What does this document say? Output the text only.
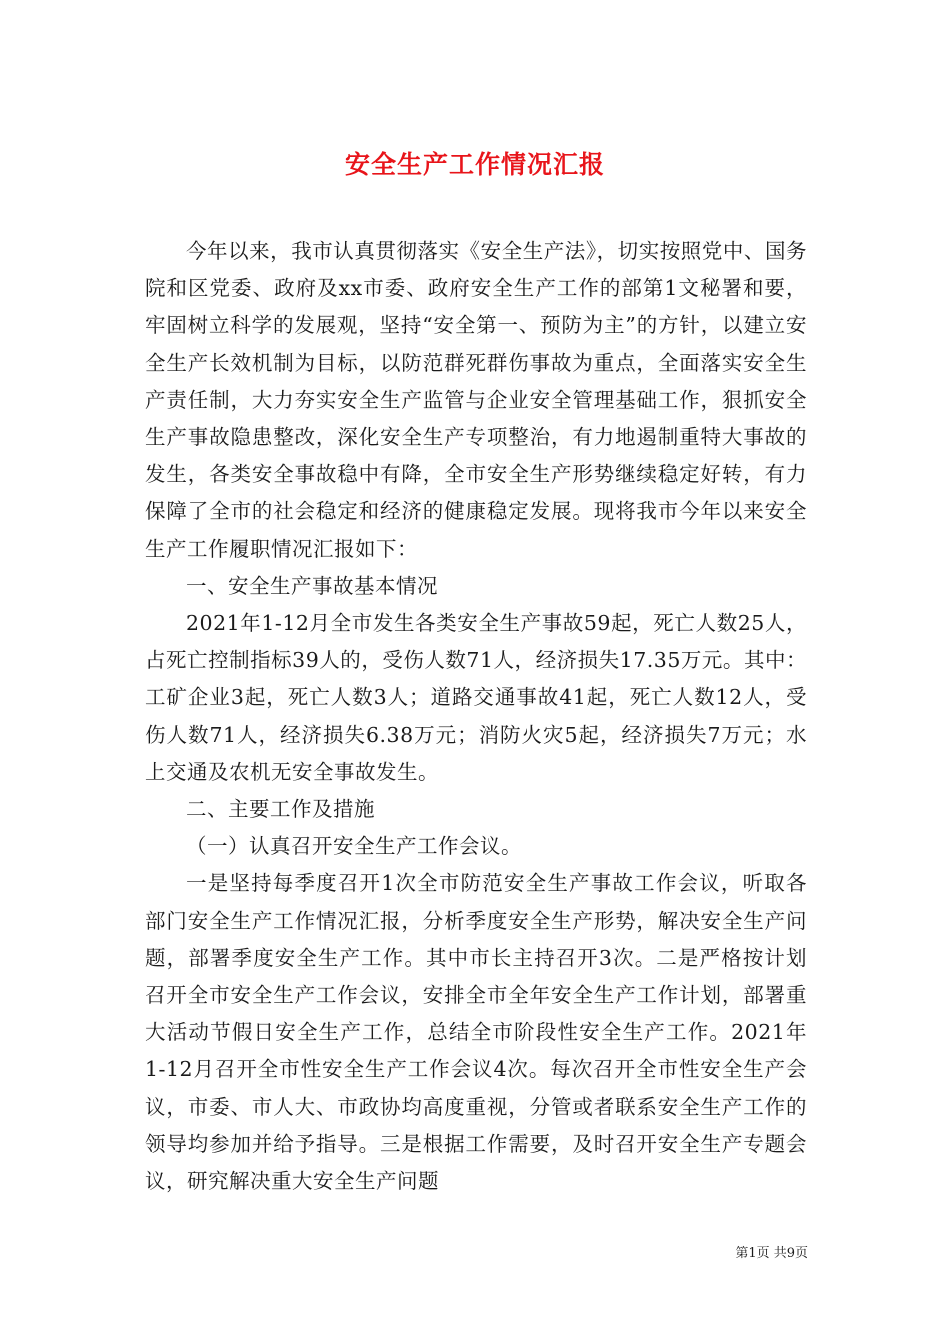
安全生产工作情况汇报

今年以来，我市认真贯彻落实《安全生产法》，切实按照党中、国务院和区党委、政府及xx市委、政府安全生产工作的部第1文秘署和要，牢固树立科学的发展观，坚持“安全第一、预防为主”的方针，以建立安全生产长效机制为目标，以防范群死群伤事故为重点，全面落实安全生产责任制，大力夯实安全生产监管与企业安全管理基础工作，狠抓安全生产事故隐患整改，深化安全生产专项整治，有力地遏制重特大事故的发生，各类安全事故稳中有降，全市安全生产形势继续稳定好转，有力保障了全市的社会稳定和经济的健康稳定发展。现将我市今年以来安全生产工作履职情况汇报如下：

一、安全生产事故基本情况

2021年1-12月全市发生各类安全生产事故59起，死亡人数25人，占死亡控制指标39人的，受伤人数71人，经济损失17.35万元。其中：工矿企业3起，死亡人数3人；道路交通事故41起，死亡人数12人，受伤人数71人，经济损失6.38万元；消防火灾5起，经济损失7万元；水上交通及农机无安全事故发生。

二、主要工作及措施

（一）认真召开安全生产工作会议。

一是坚持每季度召开1次全市防范安全生产事故工作会议，听取各部门安全生产工作情况汇报，分析季度安全生产形势，解决安全生产问题，部署季度安全生产工作。其中市长主持召开3次。二是严格按计划召开全市安全生产工作会议，安排全市全年安全生产工作计划，部署重大活动节假日安全生产工作，总结全市阶段性安全生产工作。2021年1-12月召开全市性安全生产工作会议4次。每次召开全市性安全生产会议，市委、市人大、市政协均高度重视，分管或者联系安全生产工作的领导均参加并给予指导。三是根据工作需要，及时召开安全生产专题会议，研究解决重大安全生产问题

第1页 共9页
